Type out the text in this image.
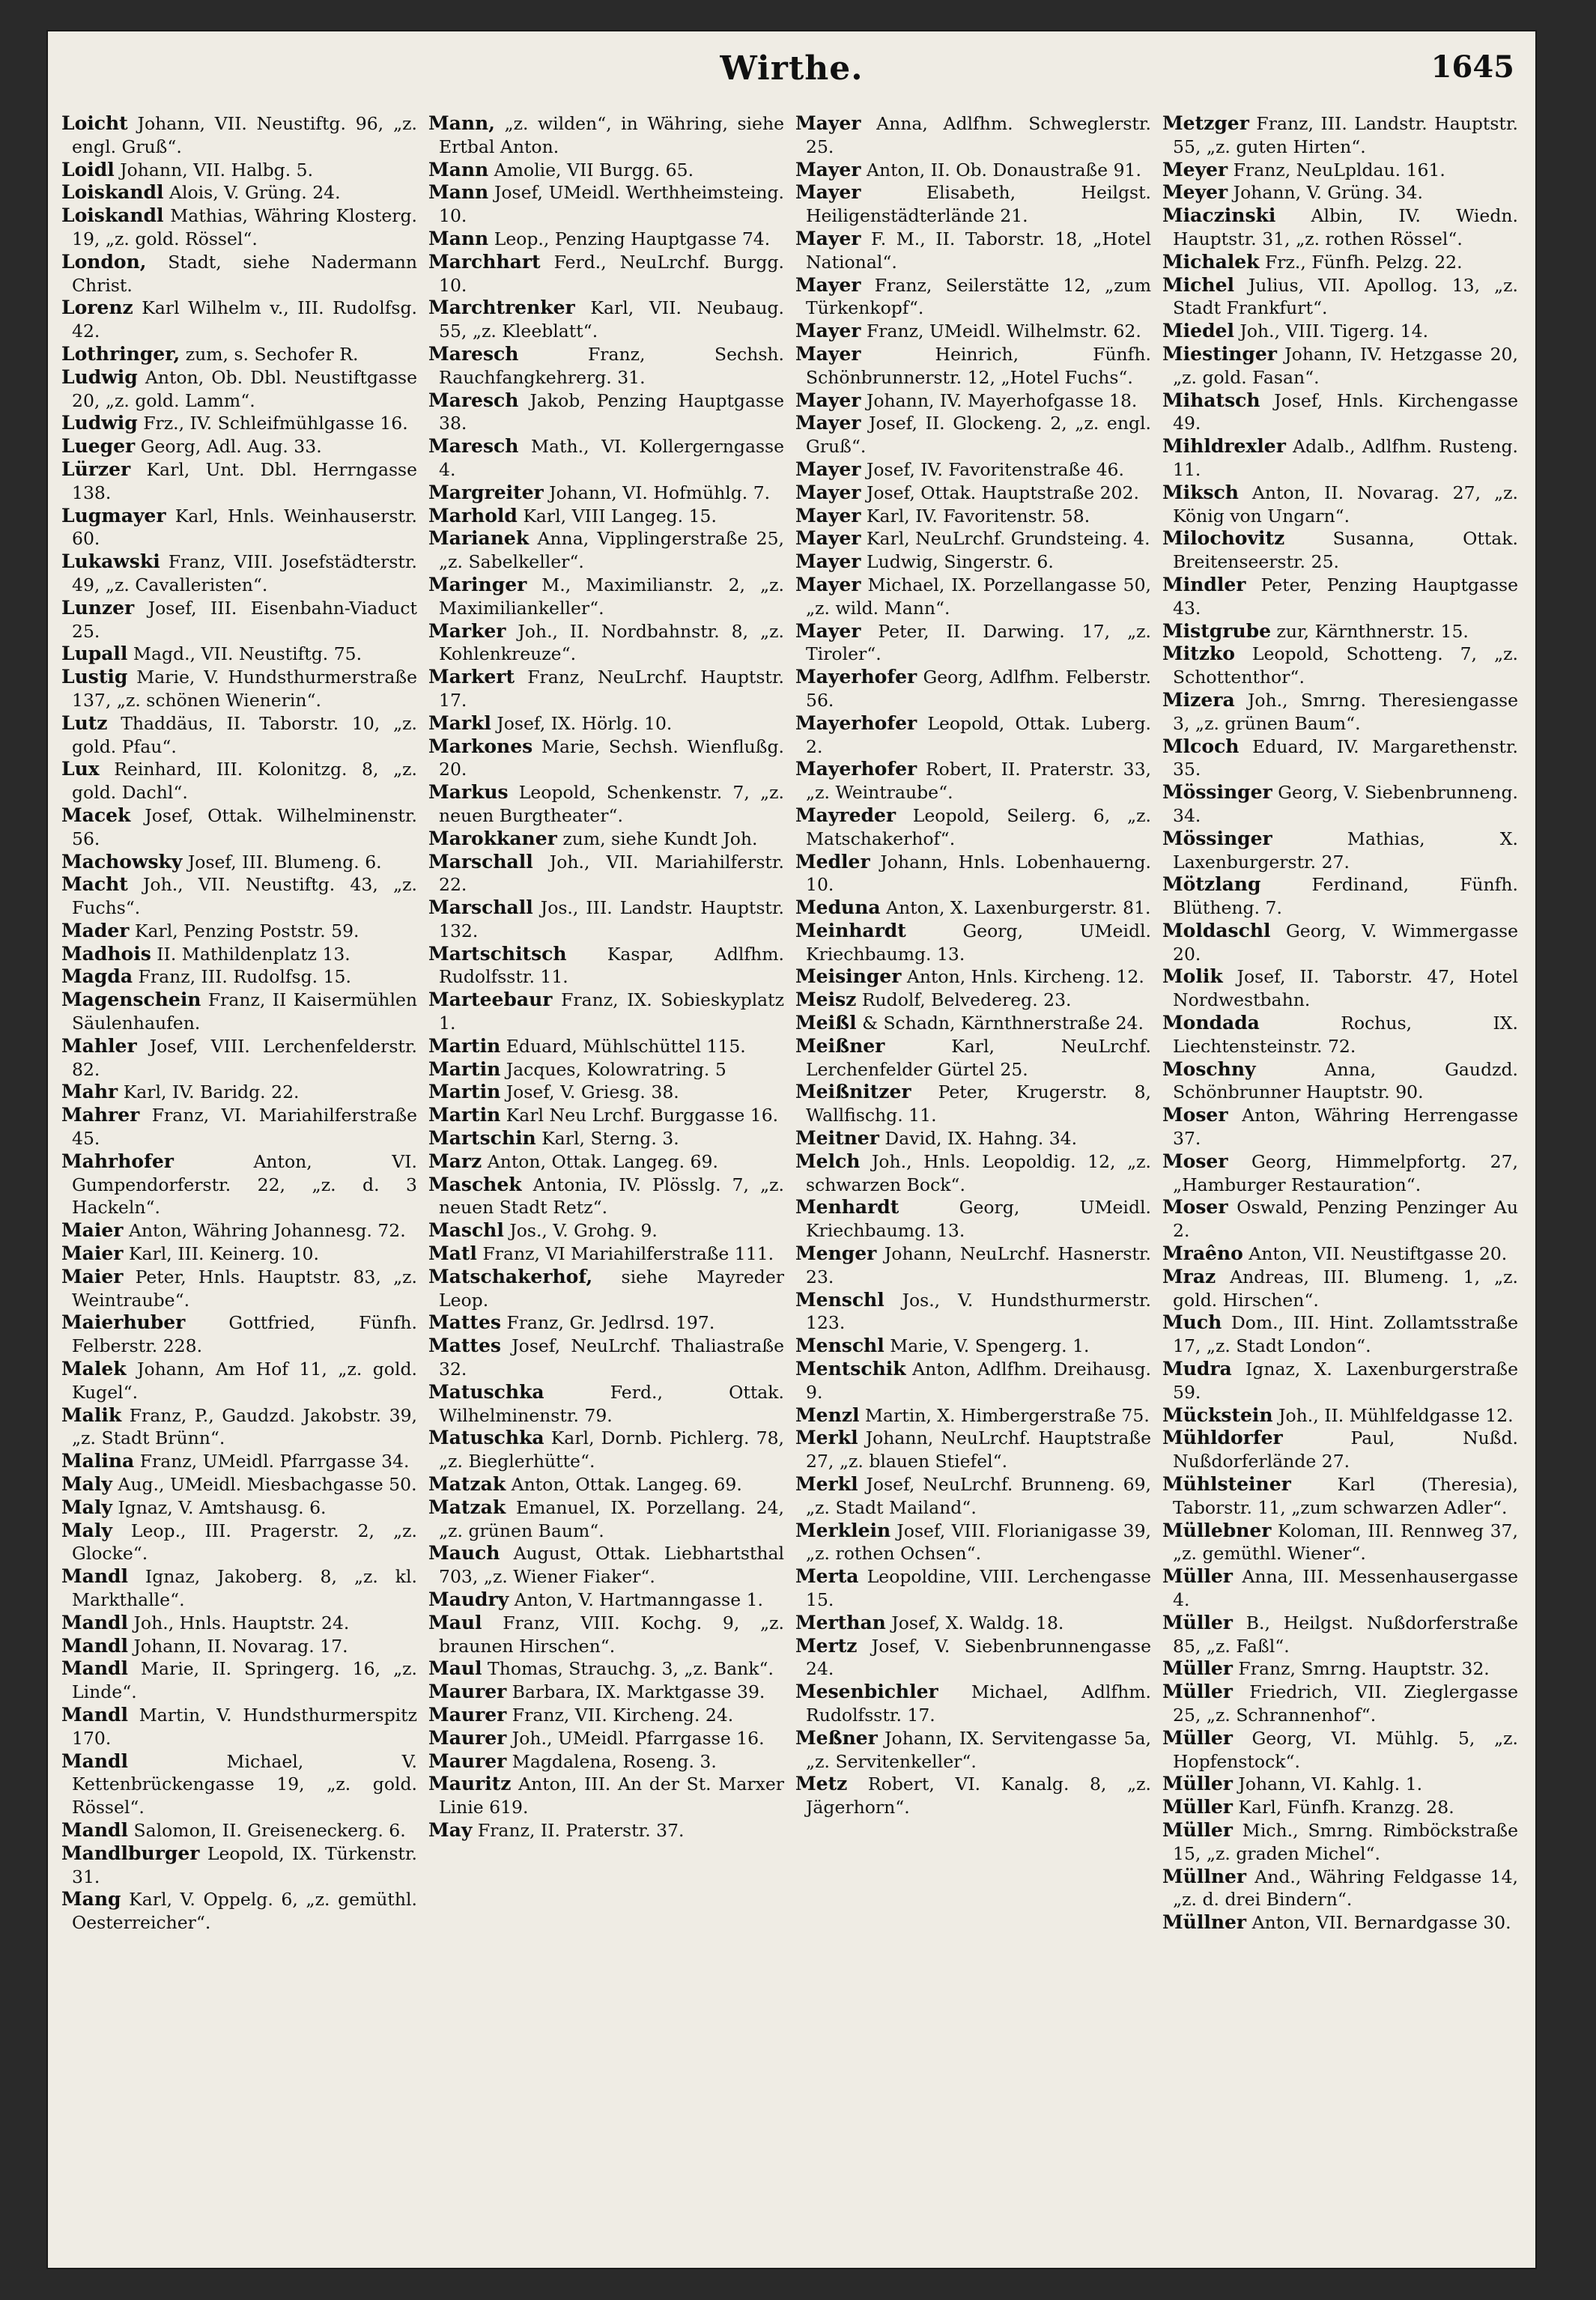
Wirthe.	1645

Loicht Johann, VII. Neustiftg. 96, „z. engl. Gruß“.

Loidl Johann, VII. Halbg. 5.

Loiskandl Alois, V. Grüng. 24.

Loiskandl Mathias, Währing Klosterg. 19, „z. gold. Rössel“.

London, Stadt, siehe Nadermann Christ.

Lorenz Karl Wilhelm v., III. Rudolfsg. 42.

Lothringer, zum, s. Sechofer R.

Ludwig Anton, Ob. Dbl. Neustiftgasse 20, „z. gold. Lamm“.

Ludwig Frz., IV. Schleifmühlgasse 16.

Lueger Georg, Adl. Aug. 33.

Lürzer Karl, Unt. Dbl. Herrngasse 138.

Lugmayer Karl, Hnls. Weinhauserstr. 60.

Lukawski Franz, VIII. Josefstädterstr. 49, „z. Cavalleristen“.

Lunzer Josef, III. Eisenbahn-Viaduct 25.

Lupall Magd., VII. Neustiftg. 75.

Lustig Marie, V. Hundsthurmerstraße 137, „z. schönen Wienerin“.

Lutz Thaddäus, II. Taborstr. 10, „z. gold. Pfau“.

Lux Reinhard, III. Kolonitzg. 8, „z. gold. Dachl“.

Macek Josef, Ottak. Wilhelminenstr. 56.

Machowsky Josef, III. Blumeng. 6.

Macht Joh., VII. Neustiftg. 43, „z. Fuchs“.

Mader Karl, Penzing Poststr. 59.

Madhois II. Mathildenplatz 13.

Magda Franz, III. Rudolfsg. 15.

Magenschein Franz, II Kaisermühlen Säulenhaufen.

Mahler Josef, VIII. Lerchenfelderstr. 82.

Mahr Karl, IV. Baridg. 22.

Mahrer Franz, VI. Mariahilferstraße 45.

Mahrhofer	Anton, VI. Gumpendorferstr. 22, „z. d. 3 Hackeln“.

Maier Anton, Währing Johannesg. 72.

Maier Karl, III. Keinerg. 10.

Maier Peter, Hnls. Hauptstr. 83, „z. Weintraube“.

Maierhuber Gottfried, Fünfh. Felberstr. 228.

Malek Johann, Am Hof 11, „z. gold. Kugel“.

Malik Franz, P., Gaudzd. Jakobstr. 39, „z. Stadt Brünn“.

Malina Franz, UMeidl. Pfarrgasse 34.

Maly Aug., UMeidl. Miesbachgasse 50.

Maly Ignaz, V. Amtshausg. 6.

Maly Leop., III. Pragerstr. 2, „z. Glocke“.

Mandl Ignaz, Jakoberg. 8, „z. kl. Markthalle“.

Mandl Joh., Hnls. Hauptstr. 24.

Mandl Johann, II. Novarag. 17.

Mandl Marie, II. Springerg. 16, „z. Linde“.

Mandl Martin, V. Hundsthurmerspitz 170.

Mandl	Michael, V. Kettenbrückengasse 19, „z. gold. Rössel“.

Mandl Salomon, II. Greiseneckerg. 6.

Mandlburger Leopold, IX. Türkenstr. 31.

Mang Karl, V. Oppelg. 6, „z. gemüthl. Oesterreicher“.

Mann, „z. wilden“, in Währing, siehe Ertbal Anton.

Mann Amolie, VII Burgg. 65.

Mann Josef, UMeidl. Werthheimsteing. 10.

Mann Leop., Penzing Hauptgasse 74.

Marchhart Ferd., NeuLrchf. Burgg. 10.

Marchtrenker Karl, VII. Neubaug. 55, „z. Kleeblatt“.

Maresch	Franz, Sechsh. Rauchfangkehrerg. 31.

Maresch Jakob, Penzing Hauptgasse 38.

Maresch Math., VI. Kollergerngasse 4.

Margreiter Johann, VI. Hofmühlg. 7.

Marhold Karl, VIII Langeg. 15.

Marianek Anna, Vipplingerstraße 25, „z. Sabelkeller“.

Maringer M., Maximilianstr. 2, „z. Maximiliankeller“.

Marker Joh., II. Nordbahnstr. 8, „z. Kohlenkreuze“.

Markert Franz, NeuLrchf. Hauptstr. 17.

Markl Josef, IX. Hörlg. 10.

Markones Marie, Sechsh. Wienflußg. 20.

Markus Leopold, Schenkenstr. 7, „z. neuen Burgtheater“.

Marokkaner zum, siehe Kundt Joh.

Marschall Joh., VII. Mariahilferstr. 22.

Marschall Jos., III. Landstr. Hauptstr. 132.

Martschitsch Kaspar, Adlfhm. Rudolfsstr. 11.

Marteebaur Franz, IX. Sobieskyplatz 1.

Martin Eduard, Mühlschüttel 115.

Martin Jacques, Kolowratring. 5

Martin Josef, V. Griesg. 38.

Martin Karl Neu Lrchf. Burggasse 16.

Martschin Karl, Sterng. 3.

Marz Anton, Ottak. Langeg. 69.

Maschek Antonia, IV. Plösslg. 7, „z. neuen Stadt Retz“.

Maschl Jos., V. Grohg. 9.

Matl Franz, VI Mariahilferstraße 111.

Matschakerhof, siehe Mayreder Leop.

Mattes Franz, Gr. Jedlrsd. 197.

Mattes Josef, NeuLrchf. Thaliastraße 32.

Matuschka	Ferd., Ottak. Wilhelminenstr. 79.

Matuschka Karl, Dornb. Pichlerg. 78, „z. Bieglerhütte“.

Matzak Anton, Ottak. Langeg. 69.

Matzak Emanuel, IX. Porzellang. 24, „z. grünen Baum“.

Mauch August, Ottak. Liebhartsthal 703, „z. Wiener Fiaker“.

Maudry Anton, V. Hartmanngasse 1.

Maul Franz, VIII. Kochg. 9, „z. braunen Hirschen“.

Maul Thomas, Strauchg. 3, „z. Bank“.

Maurer Barbara, IX. Marktgasse 39.

Maurer Franz, VII. Kircheng. 24.

Maurer Joh., UMeidl. Pfarrgasse 16.

Maurer Magdalena, Roseng. 3.

Mauritz Anton, III. An der St. Marxer Linie 619.

May Franz, II. Praterstr. 37.

Mayer Anna, Adlfhm. Schweglerstr. 25.

Mayer Anton, II. Ob. Donaustraße 91.

Mayer	Elisabeth, Heilgst. Heiligenstädterlände 21.

Mayer F. M., II. Taborstr. 18, „Hotel National“.

Mayer Franz, Seilerstätte 12, „zum Türkenkopf“.

Mayer Franz, UMeidl. Wilhelmstr. 62.

Mayer	Heinrich, Fünfh. Schönbrunnerstr. 12, „Hotel Fuchs“.

Mayer Johann, IV. Mayerhofgasse 18.

Mayer Josef, II. Glockeng. 2, „z. engl. Gruß“.

Mayer Josef, IV. Favoritenstraße 46.

Mayer Josef, Ottak. Hauptstraße 202.

Mayer Karl, IV. Favoritenstr. 58.

Mayer Karl, NeuLrchf. Grundsteing. 4.

Mayer Ludwig, Singerstr. 6.

Mayer Michael, IX. Porzellangasse 50, „z. wild. Mann“.

Mayer Peter, II. Darwing. 17, „z. Tiroler“.

Mayerhofer Georg, Adlfhm. Felberstr. 56.

Mayerhofer Leopold, Ottak. Luberg. 2.

Mayerhofer Robert, II. Praterstr. 33, „z. Weintraube“.

Mayreder Leopold, Seilerg. 6, „z. Matschakerhof“.

Medler Johann, Hnls. Lobenhauerng. 10.

Meduna Anton, X. Laxenburgerstr. 81.

Meinhardt	Georg, UMeidl. Kriechbaumg. 13.

Meisinger Anton, Hnls. Kircheng. 12.

Meisz Rudolf, Belvedereg. 23.

Meißl & Schadn, Kärnthnerstraße 24.

Meißner	Karl, NeuLrchf. Lerchenfelder Gürtel 25.

Meißnitzer Peter, Krugerstr. 8, Wallfischg. 11.

Meitner David, IX. Hahng. 34.

Melch Joh., Hnls. Leopoldig. 12, „z. schwarzen Bock“.

Menhardt	Georg, UMeidl. Kriechbaumg. 13.

Menger Johann, NeuLrchf. Hasnerstr. 23.

Menschl Jos., V. Hundsthurmerstr. 123.

Menschl Marie, V. Spengerg. 1.

Mentschik Anton, Adlfhm. Dreihausg. 9.

Menzl Martin, X. Himbergerstraße 75.

Merkl Johann, NeuLrchf. Hauptstraße 27, „z. blauen Stiefel“.

Merkl Josef, NeuLrchf. Brunneng. 69, „z. Stadt Mailand“.

Merklein Josef, VIII. Florianigasse 39, „z. rothen Ochsen“.

Merta Leopoldine, VIII. Lerchengasse 15.

Merthan Josef, X. Waldg. 18.

Mertz Josef, V. Siebenbrunnengasse 24.

Mesenbichler Michael, Adlfhm. Rudolfsstr. 17.

Meßner Johann, IX. Servitengasse 5a, „z. Servitenkeller“.

Metz Robert, VI. Kanalg. 8, „z. Jägerhorn“.

Metzger Franz, III. Landstr. Hauptstr. 55, „z. guten Hirten“.

Meyer Franz, NeuLpldau. 161.

Meyer Johann, V. Grüng. 34.

Miaczinski Albin, IV. Wiedn. Hauptstr. 31, „z. rothen Rössel“.

Michalek Frz., Fünfh. Pelzg. 22.

Michel Julius, VII. Apollog. 13, „z. Stadt Frankfurt“.

Miedel Joh., VIII. Tigerg. 14.

Miestinger Johann, IV. Hetzgasse 20, „z. gold. Fasan“.

Mihatsch Josef, Hnls. Kirchengasse 49.

Mihldrexler Adalb., Adlfhm. Rusteng. 11.

Miksch Anton, II. Novarag. 27, „z. König von Ungarn“.

Milochovitz	Susanna, Ottak. Breitenseerstr. 25.

Mindler Peter, Penzing Hauptgasse 43.

Mistgrube zur, Kärnthnerstr. 15.

Mitzko Leopold, Schotteng. 7, „z. Schottenthor“.

Mizera Joh., Smrng. Theresiengasse 3, „z. grünen Baum“.

Mlcoch Eduard, IV. Margarethenstr. 35.

Mössinger Georg, V. Siebenbrunneng. 34.

Mössinger	Mathias, X. Laxenburgerstr. 27.

Mötzlang	Ferdinand, Fünfh. Blütheng. 7.

Moldaschl Georg, V. Wimmergasse 20.

Molik Josef, II. Taborstr. 47, Hotel Nordwestbahn.

Mondada	Rochus, IX. Liechtensteinstr. 72.

Moschny	Anna, Gaudzd. Schönbrunner Hauptstr. 90.

Moser Anton, Währing Herrengasse 37.

Moser Georg, Himmelpfortg. 27, „Hamburger Restauration“.

Moser Oswald, Penzing Penzinger Au 2.

Mraêno Anton, VII. Neustiftgasse 20.

Mraz Andreas, III. Blumeng. 1, „z. gold. Hirschen“.

Much Dom., III. Hint. Zollamtsstraße 17, „z. Stadt London“.

Mudra Ignaz, X. Laxenburgerstraße 59.

Mückstein Joh., II. Mühlfeldgasse 12.

Mühldorfer	Paul, Nußd. Nußdorferlände 27.

Mühlsteiner	Karl (Theresia), Taborstr. 11, „zum schwarzen Adler“.

Müllebner Koloman, III. Rennweg 37, „z. gemüthl. Wiener“.

Müller Anna, III. Messenhausergasse 4.

Müller B., Heilgst. Nußdorferstraße 85, „z. Faßl“.

Müller Franz, Smrng. Hauptstr. 32.

Müller Friedrich, VII. Zieglergasse 25, „z. Schrannenhof“.

Müller Georg, VI. Mühlg. 5, „z. Hopfenstock“.

Müller Johann, VI. Kahlg. 1.

Müller Karl, Fünfh. Kranzg. 28.

Müller Mich., Smrng. Rimböckstraße 15, „z. graden Michel“.

Müllner And., Währing Feldgasse 14, „z. d. drei Bindern“.

Müllner Anton, VII. Bernardgasse 30.
